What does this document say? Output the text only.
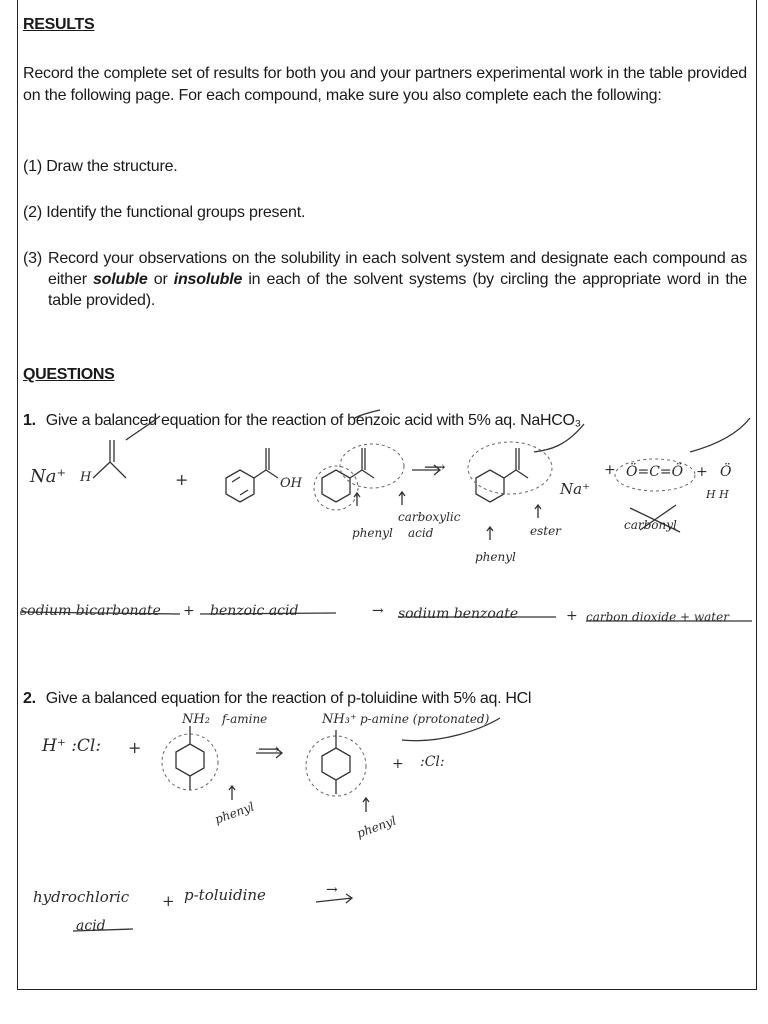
RESULTS
Record the complete set of results for both you and your partners experimental work in the table provided on the following page. For each compound, make sure you also complete each the following:
(1) Draw the structure.
(2) Identify the functional groups present.
(3) Record your observations on the solubility in each solvent system and designate each compound as either soluble or insoluble in each of the solvent systems (by circling the appropriate word in the table provided).
QUESTIONS
1. Give a balanced equation for the reaction of benzoic acid with 5% aq. NaHCO₃
2. Give a balanced equation for the reaction of p-toluidine with 5% aq. HCl
Na⁺ H	+	OH
⟶
Na⁺
+ Ö=C=Ö + Ö
H H
carboxylic
acid
phenyl	ester
phenyl
carbonyl
sodium bicarbonate + benzoic acid	→ sodium benzoate	+ carbon dioxide + water
H⁺ :Cl: +
NH₂ f-amine
⟶
NH₃⁺ p-amine (protonated)
+ :Cl:
phenyl
phenyl
hydrochloric
acid
+ p-toluidine	→
